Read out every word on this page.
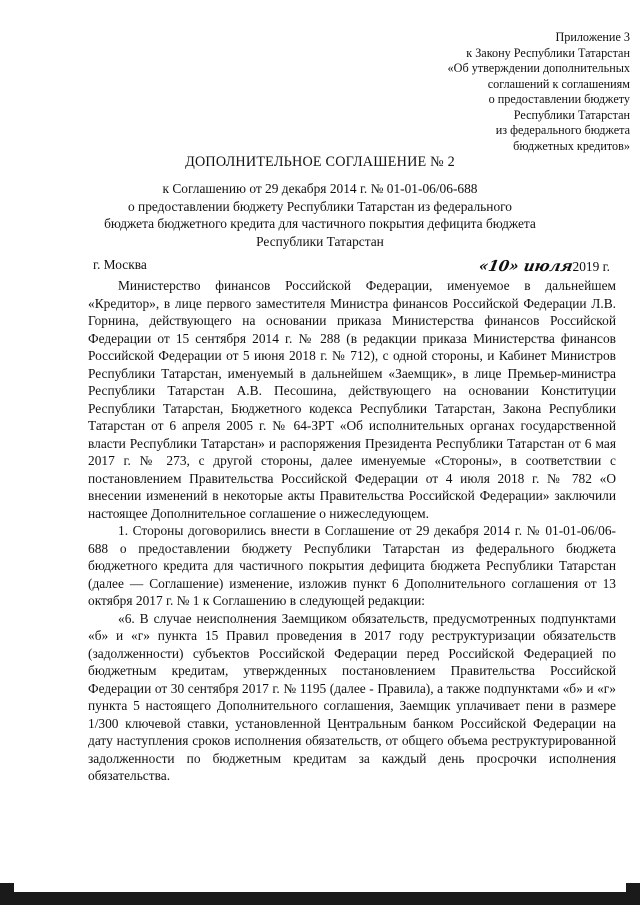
Приложение 3
к Закону Республики Татарстан
«Об утверждении дополнительных
соглашений к соглашениям
о предоставлении бюджету
Республики Татарстан
из федерального бюджета
бюджетных кредитов»
ДОПОЛНИТЕЛЬНОЕ СОГЛАШЕНИЕ № 2
к Соглашению от 29 декабря 2014 г. № 01-01-06/06-688
о предоставлении бюджету Республики Татарстан из федерального
бюджета бюджетного кредита для частичного покрытия дефицита бюджета
Республики Татарстан
г. Москва	«10» июля2019 г.

Министерство финансов Российской Федерации, именуемое в дальнейшем «Кредитор», в лице первого заместителя Министра финансов Российской Федерации Л.В. Горнина, действующего на основании приказа Министерства финансов Российской Федерации от 15 сентября 2014 г. № 288 (в редакции приказа Министерства финансов Российской Федерации от 5 июня 2018 г. № 712), с одной стороны, и Кабинет Министров Республики Татарстан, именуемый в дальнейшем «Заемщик», в лице Премьер-министра Республики Татарстан А.В. Песошина, действующего на основании Конституции Республики Татарстан, Бюджетного кодекса Республики Татарстан, Закона Республики Татарстан от 6 апреля 2005 г. № 64-ЗРТ «Об исполнительных органах государственной власти Республики Татарстан» и распоряжения Президента Республики Татарстан от 6 мая 2017 г. № 273, с другой стороны, далее именуемые «Стороны», в соответствии с постановлением Правительства Российской Федерации от 4 июля 2018 г. № 782 «О внесении изменений в некоторые акты Правительства Российской Федерации» заключили настоящее Дополнительное соглашение о нижеследующем.

1. Стороны договорились внести в Соглашение от 29 декабря 2014 г. № 01-01-06/06-688 о предоставлении бюджету Республики Татарстан из федерального бюджета бюджетного кредита для частичного покрытия дефицита бюджета Республики Татарстан (далее — Соглашение) изменение, изложив пункт 6 Дополнительного соглашения от 13 октября 2017 г. № 1 к Соглашению в следующей редакции:

«6. В случае неисполнения Заемщиком обязательств, предусмотренных подпунктами «б» и «г» пункта 15 Правил проведения в 2017 году реструктуризации обязательств (задолженности) субъектов Российской Федерации перед Российской Федерацией по бюджетным кредитам, утвержденных постановлением Правительства Российской Федерации от 30 сентября 2017 г. № 1195 (далее - Правила), а также подпунктами «б» и «г» пункта 5 настоящего Дополнительного соглашения, Заемщик уплачивает пени в размере 1/300 ключевой ставки, установленной Центральным банком Российской Федерации на дату наступления сроков исполнения обязательств, от общего объема реструктурированной задолженности по бюджетным кредитам за каждый день просрочки исполнения обязательства.
